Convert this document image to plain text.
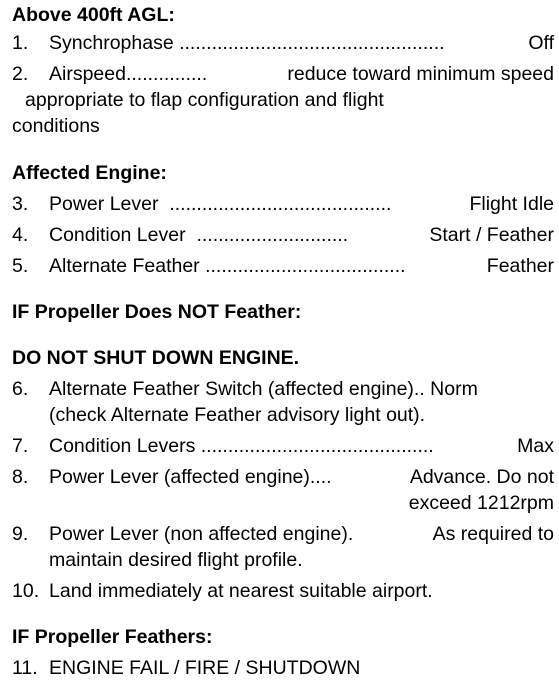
Above 400ft AGL:
1. Synchrophase .................................................	Off
2. Airspeed...............	reduce toward minimum speed
appropriate to flap configuration and flight
conditions
Affected Engine:
3. Power Lever .........................................	Flight Idle
4. Condition Lever ............................	Start / Feather
5. Alternate Feather .....................................	Feather
IF Propeller Does NOT Feather:
DO NOT SHUT DOWN ENGINE.
6. Alternate Feather Switch (affected engine).. Norm
(check Alternate Feather advisory light out).
7. Condition Levers ...........................................	Max
8. Power Lever (affected engine)....	Advance. Do not
exceed 1212rpm
9. Power Lever (non affected engine).	As required to
maintain desired flight profile.
10. Land immediately at nearest suitable airport.
IF Propeller Feathers:
11. ENGINE FAIL / FIRE / SHUTDOWN
